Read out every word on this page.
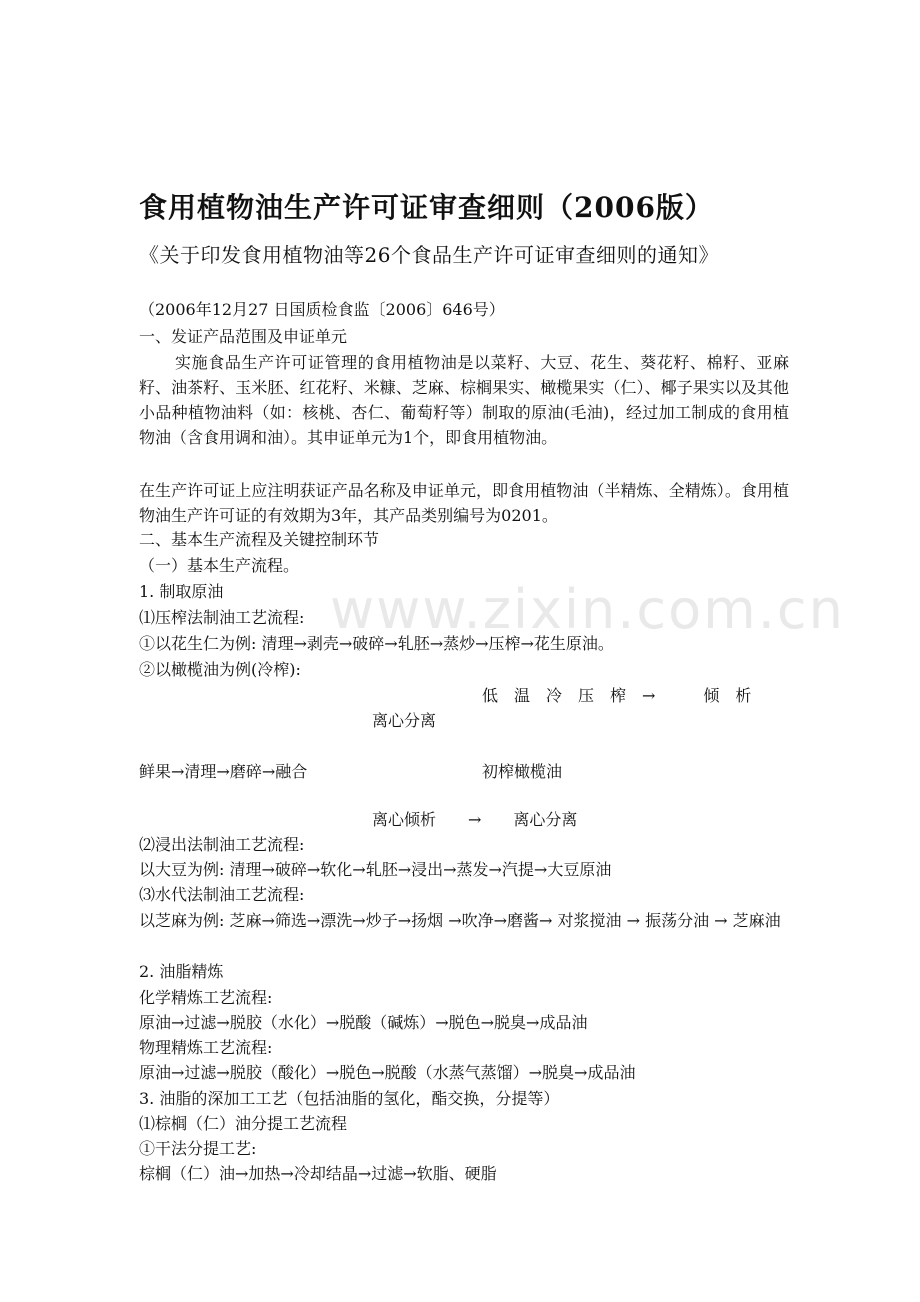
www.zixin.com.cn
食用植物油生产许可证审查细则（2006版）
《关于印发食用植物油等26个食品生产许可证审查细则的通知》
（2006年12月27 日国质检食监〔2006〕646号）
一、发证产品范围及申证单元
实施食品生产许可证管理的食用植物油是以菜籽、大豆、花生、葵花籽、棉籽、亚麻籽、油茶籽、玉米胚、红花籽、米糠、芝麻、棕榈果实、橄榄果实（仁）、椰子果实以及其他小品种植物油料（如：核桃、杏仁、葡萄籽等）制取的原油(毛油)，经过加工制成的食用植物油（含食用调和油）。其申证单元为1个，即食用植物油。
在生产许可证上应注明获证产品名称及申证单元，即食用植物油（半精炼、全精炼）。食用植物油生产许可证的有效期为3年，其产品类别编号为0201。
二、基本生产流程及关键控制环节
（一）基本生产流程。
1. 制取原油
⑴压榨法制油工艺流程:
①以花生仁为例: 清理→剥壳→破碎→轧胚→蒸炒→压榨→花生原油。
②以橄榄油为例(冷榨):
低　温　冷　压　榨　→　　　倾　析
离心分离
鲜果→清理→磨碎→融合	初榨橄榄油
离心倾析　　→　　离心分离
⑵浸出法制油工艺流程:
以大豆为例: 清理→破碎→软化→轧胚→浸出→蒸发→汽提→大豆原油
⑶水代法制油工艺流程:
以芝麻为例: 芝麻→筛选→漂洗→炒子→扬烟 →吹净→磨酱→ 对浆搅油 → 振荡分油 → 芝麻油
2. 油脂精炼
化学精炼工艺流程:
原油→过滤→脱胶（水化）→脱酸（碱炼）→脱色→脱臭→成品油
物理精炼工艺流程:
原油→过滤→脱胶（酸化）→脱色→脱酸（水蒸气蒸馏）→脱臭→成品油
3. 油脂的深加工工艺（包括油脂的氢化，酯交换，分提等）
⑴棕榈（仁）油分提工艺流程
①干法分提工艺:
棕榈（仁）油→加热→冷却结晶→过滤→软脂、硬脂
